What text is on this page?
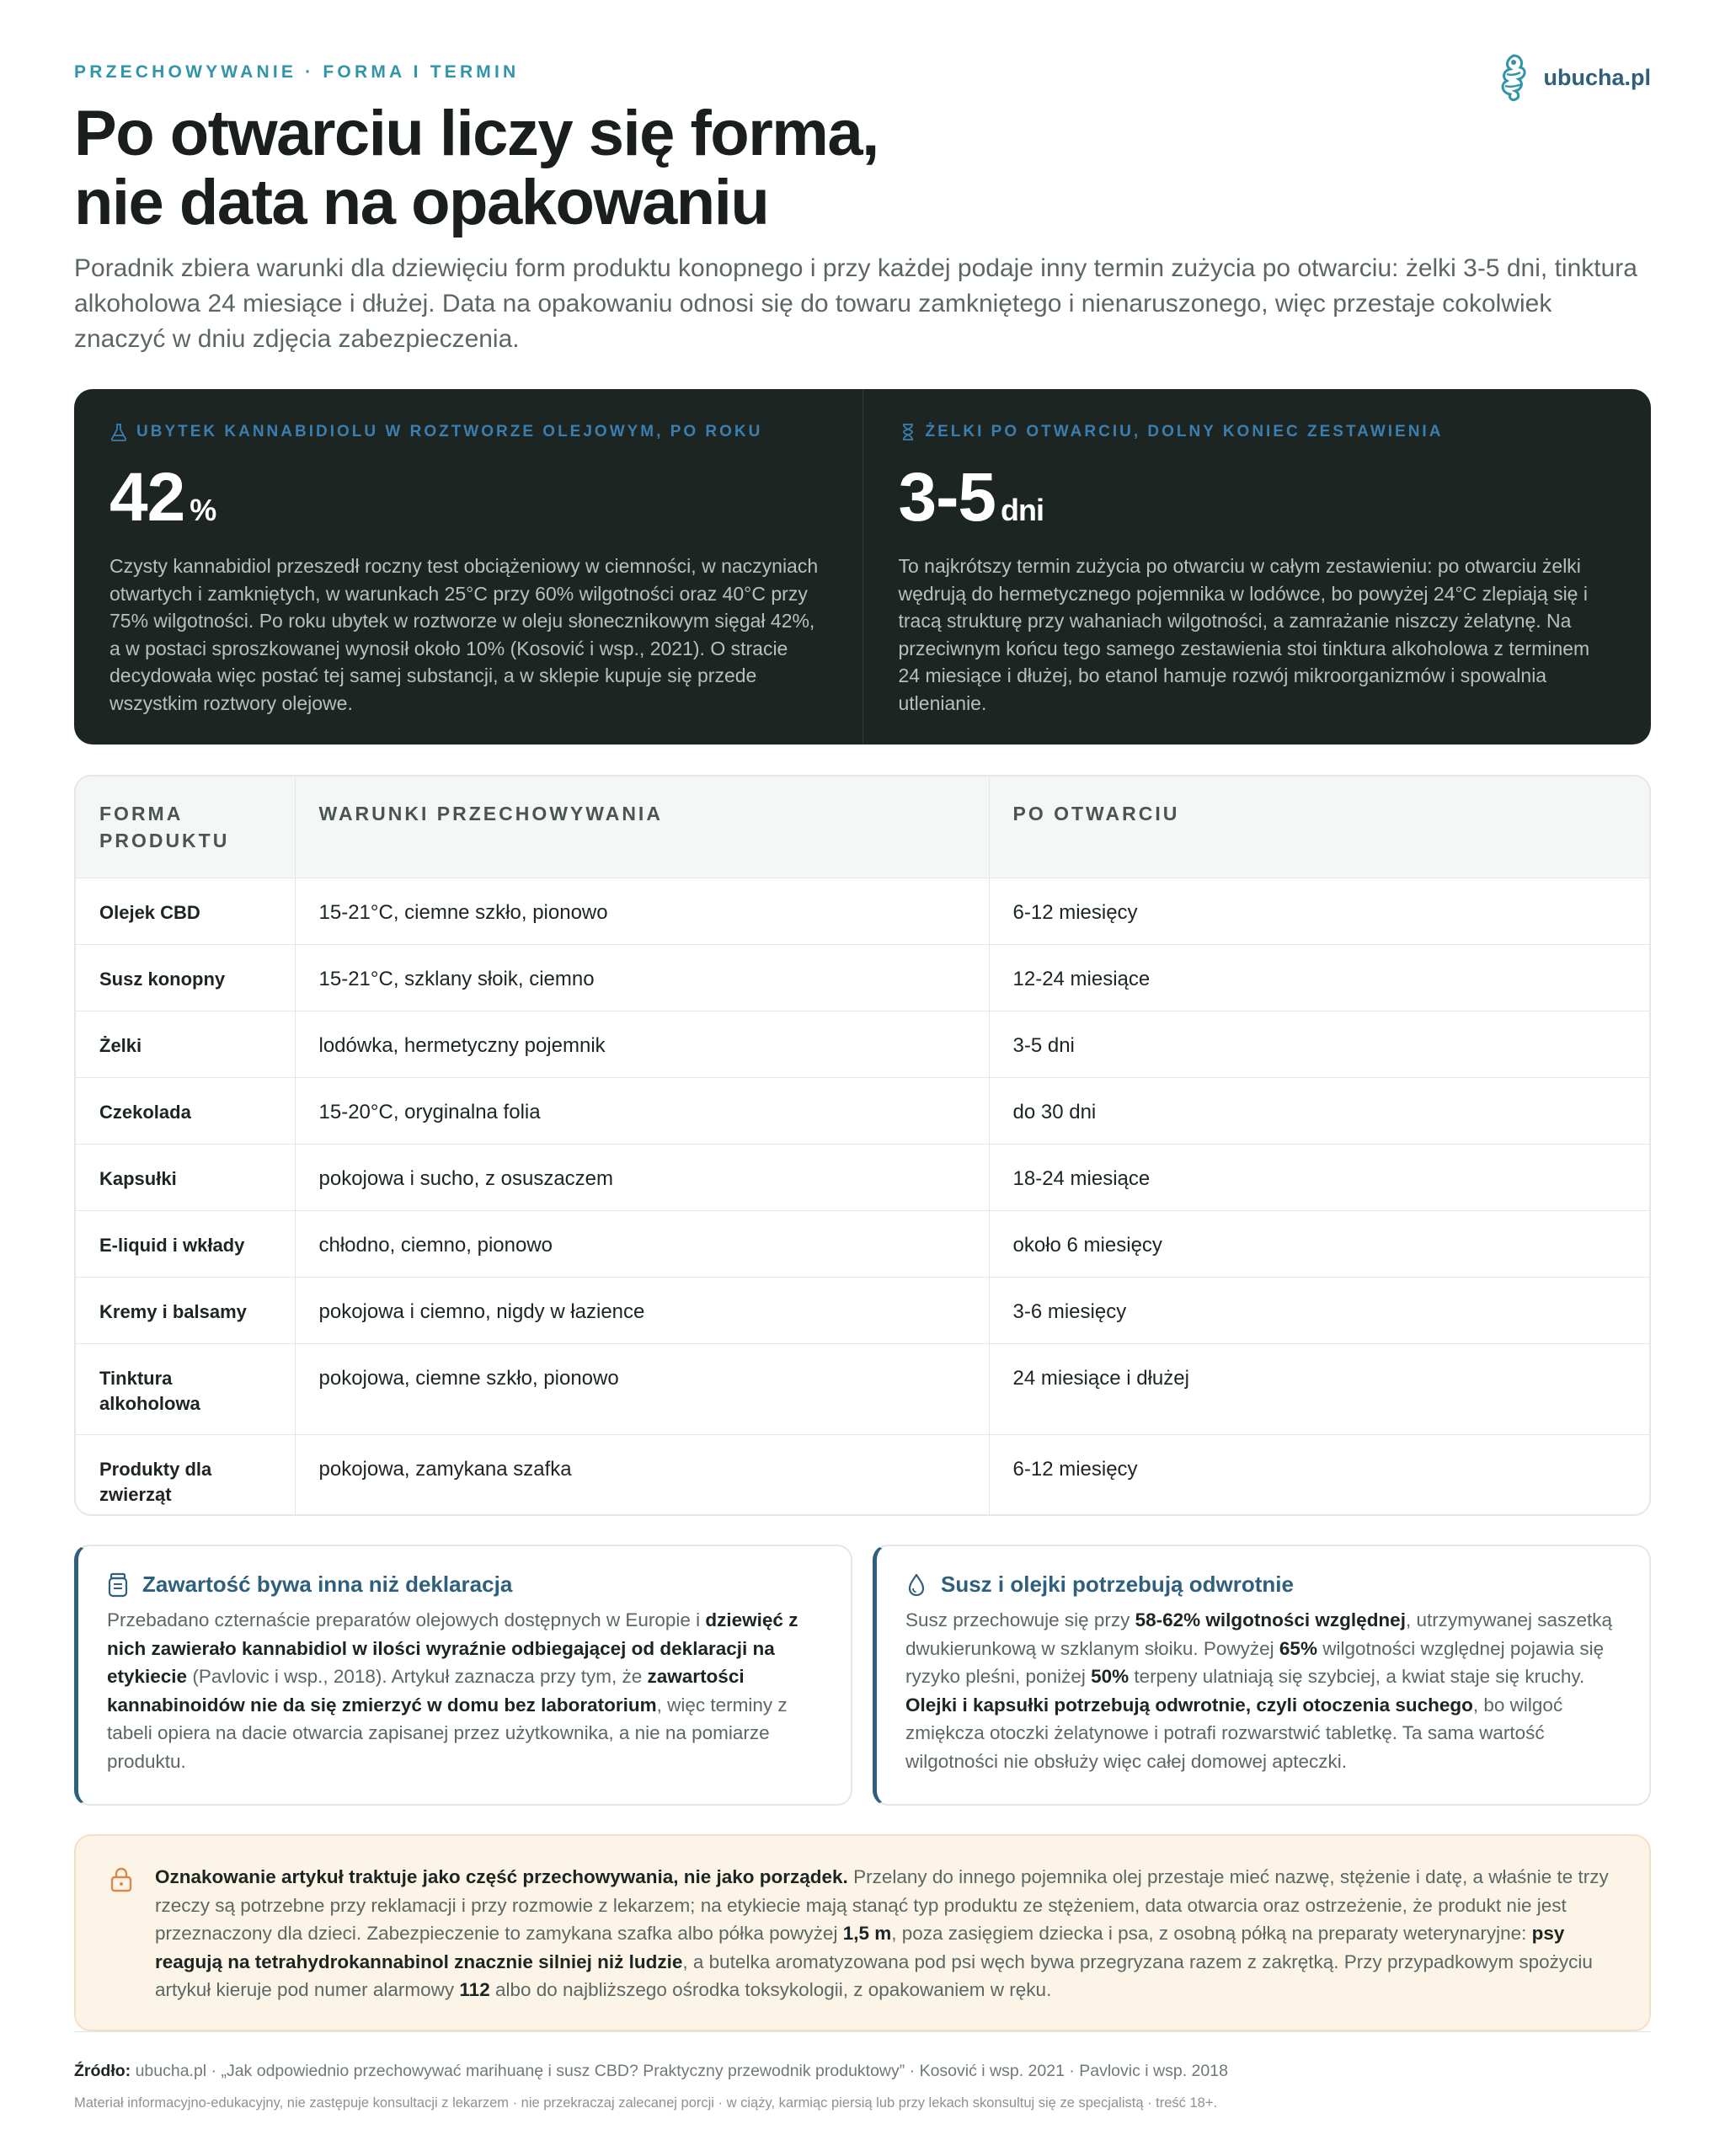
PRZECHOWYWANIE · FORMA I TERMIN	ubucha.pl
Po otwarciu liczy się forma,
nie data na opakowaniu

Poradnik zbiera warunki dla dziewięciu form produktu konopnego i przy każdej podaje inny termin zużycia po otwarciu: żelki 3‑5 dni, tinktura alkoholowa 24 miesiące i dłużej. Data na opakowaniu odnosi się do towaru zamkniętego i nienaruszonego, więc przestaje cokolwiek znaczyć w dniu zdjęcia zabezpieczenia.

UBYTEK KANNABIDIOLU W ROZTWORZE OLEJOWYM, PO ROKU
42 %

Czysty kannabidiol przeszedł roczny test obciążeniowy w ciemności, w naczyniach otwartych i zamkniętych, w warunkach 25°C przy 60% wilgotności oraz 40°C przy 75% wilgotności. Po roku ubytek w roztworze w oleju słonecznikowym sięgał 42%, a w postaci sproszkowanej wynosił około 10% (Kosović i wsp., 2021). O stracie decydowała więc postać tej samej substancji, a w sklepie kupuje się przede wszystkim roztwory olejowe.

ŻELKI PO OTWARCIU, DOLNY KONIEC ZESTAWIENIA
3‑5 dni

To najkrótszy termin zużycia po otwarciu w całym zestawieniu: po otwarciu żelki wędrują do hermetycznego pojemnika w lodówce, bo powyżej 24°C zlepiają się i tracą strukturę przy wahaniach wilgotności, a zamrażanie niszczy żelatynę. Na przeciwnym końcu tego samego zestawienia stoi tinktura alkoholowa z terminem 24 miesiące i dłużej, bo etanol hamuje rozwój mikroorganizmów i spowalnia utlenianie.

FORMA PRODUKTU	WARUNKI PRZECHOWYWANIA	PO OTWARCIU
Olejek CBD	15‑21°C, ciemne szkło, pionowo	6‑12 miesięcy
Susz konopny	15‑21°C, szklany słoik, ciemno	12‑24 miesiące
Żelki	lodówka, hermetyczny pojemnik	3‑5 dni
Czekolada	15‑20°C, oryginalna folia	do 30 dni
Kapsułki	pokojowa i sucho, z osuszaczem	18‑24 miesiące
E‑liquid i wkłady	chłodno, ciemno, pionowo	około 6 miesięcy
Kremy i balsamy	pokojowa i ciemno, nigdy w łazience	3‑6 miesięcy
Tinktura alkoholowa	pokojowa, ciemne szkło, pionowo	24 miesiące i dłużej
Produkty dla zwierząt	pokojowa, zamykana szafka	6‑12 miesięcy
Zawartość bywa inna niż deklaracja

Przebadano czternaście preparatów olejowych dostępnych w Europie i dziewięć z nich zawierało kannabidiol w ilości wyraźnie odbiegającej od deklaracji na etykiecie (Pavlovic i wsp., 2018). Artykuł zaznacza przy tym, że zawartości kannabinoidów nie da się zmierzyć w domu bez laboratorium, więc terminy z tabeli opiera na dacie otwarcia zapisanej przez użytkownika, a nie na pomiarze produktu.

Susz i olejki potrzebują odwrotnie

Susz przechowuje się przy 58‑62% wilgotności względnej, utrzymywanej saszetką dwukierunkową w szklanym słoiku. Powyżej 65% wilgotności względnej pojawia się ryzyko pleśni, poniżej 50% terpeny ulatniają się szybciej, a kwiat staje się kruchy. Olejki i kapsułki potrzebują odwrotnie, czyli otoczenia suchego, bo wilgoć zmiękcza otoczki żelatynowe i potrafi rozwarstwić tabletkę. Ta sama wartość wilgotności nie obsłuży więc całej domowej apteczki.

Oznakowanie artykuł traktuje jako część przechowywania, nie jako porządek. Przelany do innego pojemnika olej przestaje mieć nazwę, stężenie i datę, a właśnie te trzy rzeczy są potrzebne przy reklamacji i przy rozmowie z lekarzem; na etykiecie mają stanąć typ produktu ze stężeniem, data otwarcia oraz ostrzeżenie, że produkt nie jest przeznaczony dla dzieci. Zabezpieczenie to zamykana szafka albo półka powyżej 1,5 m, poza zasięgiem dziecka i psa, z osobną półką na preparaty weterynaryjne: psy reagują na tetrahydrokannabinol znacznie silniej niż ludzie, a butelka aromatyzowana pod psi węch bywa przegryzana razem z zakrętką. Przy przypadkowym spożyciu artykuł kieruje pod numer alarmowy 112 albo do najbliższego ośrodka toksykologii, z opakowaniem w ręku.

Źródło: ubucha.pl · „Jak odpowiednio przechowywać marihuanę i susz CBD? Praktyczny przewodnik produktowy” · Kosović i wsp. 2021 · Pavlovic i wsp. 2018

Materiał informacyjno‑edukacyjny, nie zastępuje konsultacji z lekarzem · nie przekraczaj zalecanej porcji · w ciąży, karmiąc piersią lub przy lekach skonsultuj się ze specjalistą · treść 18+.
